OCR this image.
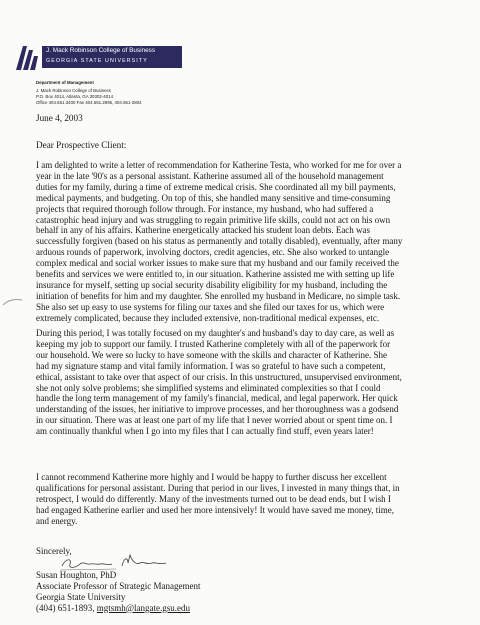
J. Mack Robinson College of Business
GEORGIA STATE UNIVERSITY
Department of Management
J. Mack Robinson College of Business
P.O. Box 4014, Atlanta, GA 30302-4014
Office 404.651.3400 Fax 404.651.2896, 404.651-2804
June 4, 2003
Dear Prospective Client:
I am delighted to write a letter of recommendation for Katherine Testa, who worked for me for over a
year in the late '90's as a personal assistant. Katherine assumed all of the household management
duties for my family, during a time of extreme medical crisis. She coordinated all my bill payments,
medical payments, and budgeting. On top of this, she handled many sensitive and time-consuming
projects that required thorough follow through. For instance, my husband, who had suffered a
catastrophic head injury and was struggling to regain primitive life skills, could not act on his own
behalf in any of his affairs. Katherine energetically attacked his student loan debts. Each was
successfully forgiven (based on his status as permanently and totally disabled), eventually, after many
arduous rounds of paperwork, involving doctors, credit agencies, etc. She also worked to untangle
complex medical and social worker issues to make sure that my husband and our family received the
benefits and services we were entitled to, in our situation. Katherine assisted me with setting up life
insurance for myself, setting up social security disability eligibility for my husband, including the
initiation of benefits for him and my daughter. She enrolled my husband in Medicare, no simple task.
She also set up easy to use systems for filing our taxes and she filed our taxes for us, which were
extremely complicated, because they included extensive, non-traditional medical expenses, etc.
During this period, I was totally focused on my daughter's and husband's day to day care, as well as
keeping my job to support our family. I trusted Katherine completely with all of the paperwork for
our household. We were so lucky to have someone with the skills and character of Katherine. She
had my signature stamp and vital family information. I was so grateful to have such a competent,
ethical, assistant to take over that aspect of our crisis. In this unstructured, unsupervised environment,
she not only solve problems; she simplified systems and eliminated complexities so that I could
handle the long term management of my family's financial, medical, and legal paperwork. Her quick
understanding of the issues, her initiative to improve processes, and her thoroughness was a godsend
in our situation. There was at least one part of my life that I never worried about or spent time on. I
am continually thankful when I go into my files that I can actually find stuff, even years later!
I cannot recommend Katherine more highly and I would be happy to further discuss her excellent
qualifications for personal assistant. During that period in our lives, I invested in many things that, in
retrospect, I would do differently. Many of the investments turned out to be dead ends, but I wish I
had engaged Katherine earlier and used her more intensively! It would have saved me money, time,
and energy.
Sincerely,
Susan Houghton, PhD
Associate Professor of Strategic Management
Georgia State University
(404) 651-1893, mgtsmh@langate.gsu.edu
